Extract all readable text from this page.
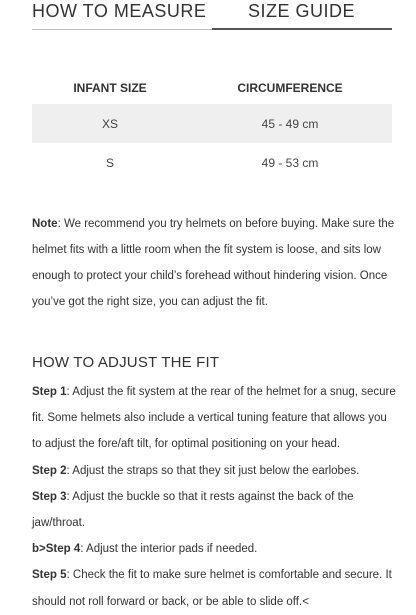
HOW TO MEASURE SIZE GUIDE
INFANT SIZE	CIRCUMFERENCE
XS	45 - 49 cm
S	49 - 53 cm

Note: We recommend you try helmets on before buying. Make sure the helmet fits with a little room when the fit system is loose, and sits low enough to protect your child’s forehead without hindering vision. Once you’ve got the right size, you can adjust the fit.

HOW TO ADJUST THE FIT

Step 1: Adjust the fit system at the rear of the helmet for a snug, secure fit. Some helmets also include a vertical tuning feature that allows you to adjust the fore/aft tilt, for optimal positioning on your head.

Step 2: Adjust the straps so that they sit just below the earlobes.

Step 3: Adjust the buckle so that it rests against the back of the jaw/throat.

b>Step 4: Adjust the interior pads if needed.

Step 5: Check the fit to make sure helmet is comfortable and secure. It should not roll forward or back, or be able to slide off.<
